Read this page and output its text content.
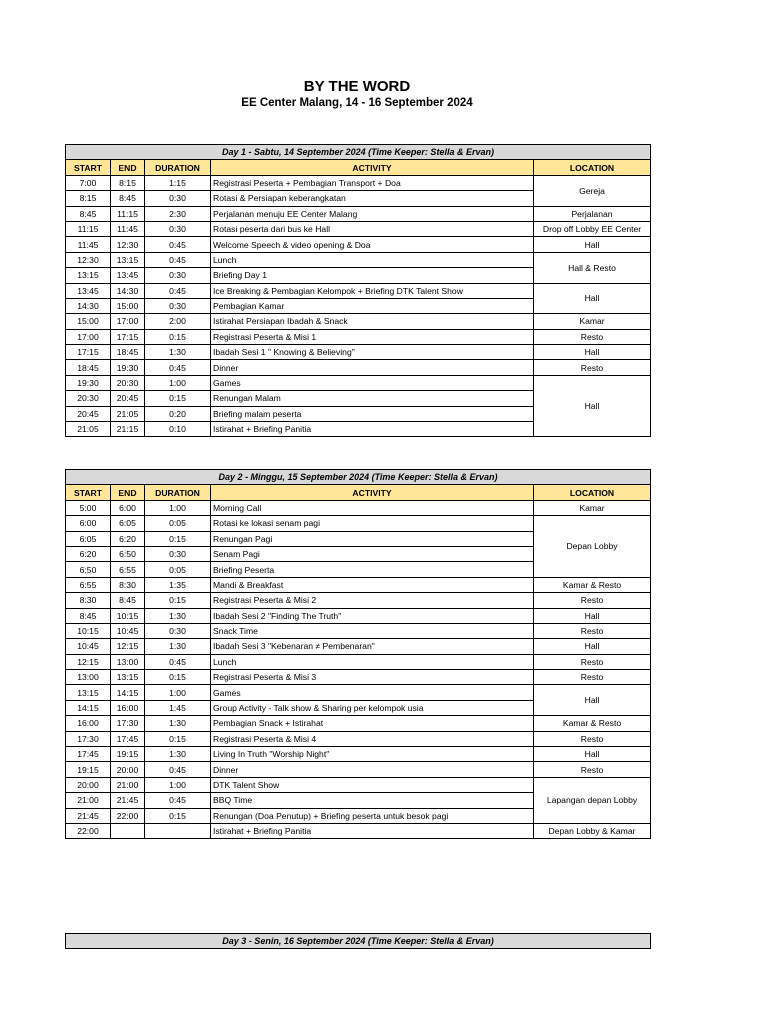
BY THE WORD
EE Center Malang, 14 - 16 September 2024
Day 1 - Sabtu, 14 September 2024 (Time Keeper: Stella & Ervan)				
START	END	DURATION	ACTIVITY	LOCATION
7:00	8:15	1:15	Registrasi Peserta + Pembagian Transport + Doa	Gereja
8:15	8:45	0:30	Rotasi & Persiapan keberangkatan	
8:45	11:15	2:30	Perjalanan menuju EE Center Malang	Perjalanan
11:15	11:45	0:30	Rotasi peserta dari bus ke Hall	Drop off Lobby EE Center
11:45	12:30	0:45	Welcome Speech & video opening & Doa	Hall
12:30	13:15	0:45	Lunch	Hall & Resto
13:15	13:45	0:30	Briefing Day 1	
13:45	14:30	0:45	Ice Breaking & Pembagian Kelompok + Briefing DTK Talent Show	Hall
14:30	15:00	0:30	Pembagian Kamar	
15:00	17:00	2:00	Istirahat Persiapan Ibadah & Snack	Kamar
17:00	17:15	0:15	Registrasi Peserta & Misi 1	Resto
17:15	18:45	1:30	Ibadah Sesi 1 " Knowing & Believing"	Hall
18:45	19:30	0:45	Dinner	Resto
19:30	20:30	1:00	Games	Hall
20:30	20:45	0:15	Renungan Malam	
20:45	21:05	0:20	Briefing malam peserta	
21:05	21:15	0:10	Istirahat + Briefing Panitia	
Day 2 - Minggu, 15 September 2024 (Time Keeper: Stella & Ervan)				
START	END	DURATION	ACTIVITY	LOCATION
5:00	6:00	1:00	Morning Call	Kamar
6:00	6:05	0:05	Rotasi ke lokasi senam pagi	Depan Lobby
6:05	6:20	0:15	Renungan Pagi	
6:20	6:50	0:30	Senam Pagi	
6:50	6:55	0:05	Briefing Peserta	
6:55	8:30	1:35	Mandi & Breakfast	Kamar & Resto
8:30	8:45	0:15	Registrasi Peserta & Misi 2	Resto
8:45	10:15	1:30	Ibadah Sesi 2 "Finding The Truth"	Hall
10:15	10:45	0:30	Snack Time	Resto
10:45	12:15	1:30	Ibadah Sesi 3 "Kebenaran ≠ Pembenaran"	Hall
12:15	13:00	0:45	Lunch	Resto
13:00	13:15	0:15	Registrasi Peserta & Misi 3	Resto
13:15	14:15	1:00	Games	Hall
14:15	16:00	1:45	Group Activity - Talk show & Sharing per kelompok usia	
16:00	17:30	1:30	Pembagian Snack + Istirahat	Kamar & Resto
17:30	17:45	0:15	Registrasi Peserta & Misi 4	Resto
17:45	19:15	1:30	Living In Truth "Worship Night"	Hall
19:15	20:00	0:45	Dinner	Resto
20:00	21:00	1:00	DTK Talent Show	Lapangan depan Lobby
21:00	21:45	0:45	BBQ Time	
21:45	22:00	0:15	Renungan (Doa Penutup) + Briefing peserta untuk besok pagi	
22:00			Istirahat + Briefing Panitia	Depan Lobby & Kamar
Day 3 - Senin, 16 September 2024 (Time Keeper: Stella & Ervan)
